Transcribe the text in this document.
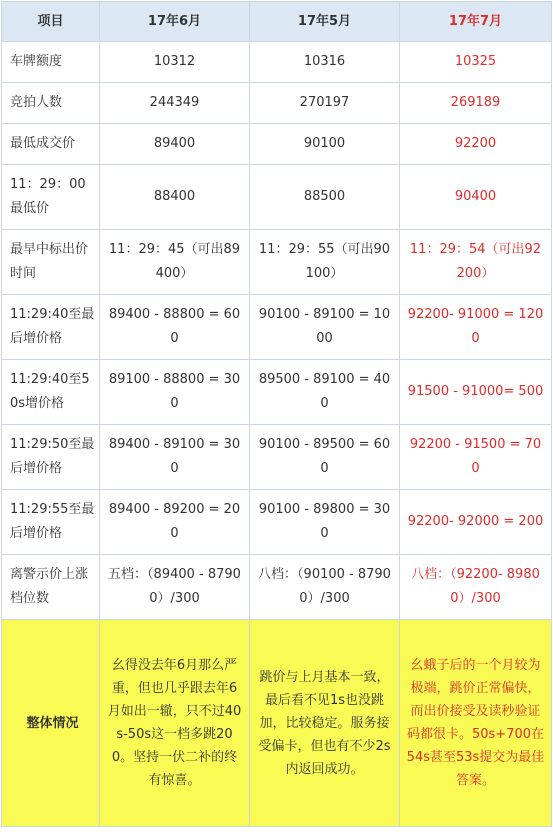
项目	17年6月	17年5月	17年7月
车牌额度	10312	10316	10325
竞拍人数	244349	270197	269189
最低成交价	89400	90100	92200
11：29：00最低价	88400	88500	90400
最早中标出价时间	11：29：45（可出89400）	11：29：55（可出90100）	11：29：54（可出92200）
11:29:40至最后增价格	89400 - 88800 = 600	90100 - 89100 = 1000	92200- 91000 = 1200
11:29:40至50s增价格	89100 - 88800 = 300	89500 - 89100 = 400	91500 - 91000= 500
11:29:50至最后增价格	89400 - 89100 = 300	90100 - 89500 = 600	92200 - 91500 = 700
11:29:55至最后增价格	89400 - 89200 = 200	90100 - 89800 = 300	92200- 92000 = 200
离警示价上涨档位数	五档：（89400 - 87900）/300	八档：（90100 - 87900）/300	八档：（92200- 89800）/300
整体情况	幺得没去年6月那么严重，但也几乎跟去年6月如出一辙，只不过40s-50s这一档多跳200。坚持一伏二补的终有惊喜。	跳价与上月基本一致，最后看不见1s也没跳加，比较稳定。服务接受偏卡，但也有不少2s内返回成功。	幺蛾子后的一个月较为极端，跳价正常偏快，而出价接受及读秒验证码都很卡。50s+700在54s甚至53s提交为最佳答案。
